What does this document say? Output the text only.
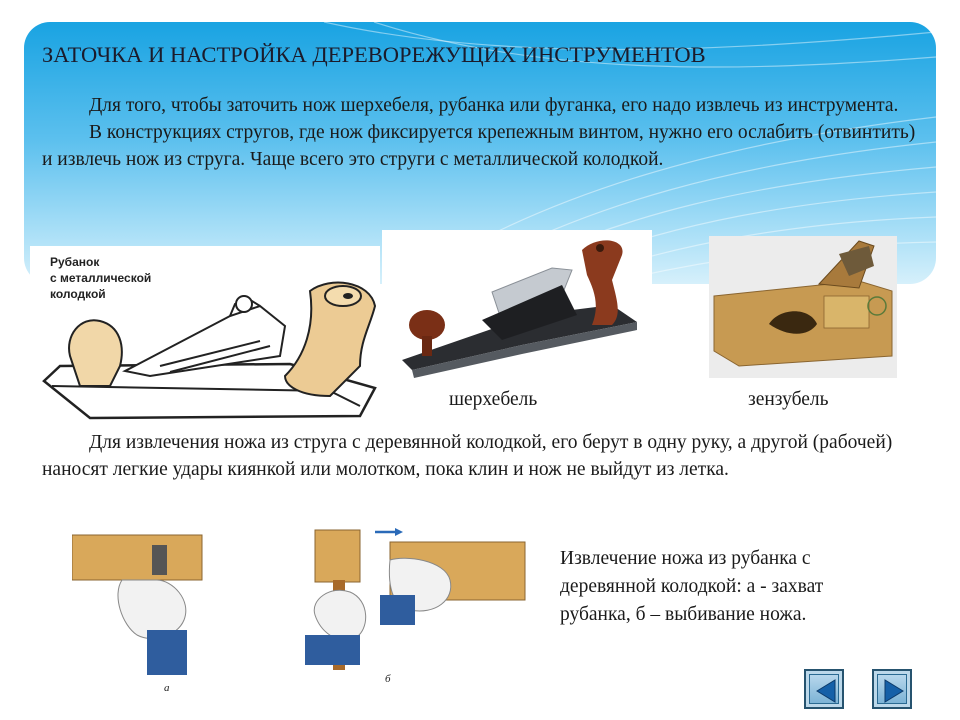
ЗАТОЧКА И НАСТРОЙКА ДЕРЕВОРЕЖУЩИХ ИНСТРУМЕНТОВ
Для того, чтобы заточить нож шерхебеля, рубанка или фуганка, его надо извлечь из инструмента.
В конструкциях стругов, где нож фиксируется крепежным винтом, нужно его ослабить (отвинтить) и извлечь нож из струга. Чаще всего это струги с металлической колодкой.
Рубанок
с металлической
колодкой
шерхебель	зензубель
Для извлечения ножа из струга с деревянной колодкой, его берут в одну руку, а другой (рабочей) наносят легкие удары киянкой или молотком, пока клин и нож не выйдут из летка.
а
б
Извлечение ножа из рубанка с деревянной колодкой: а - захват рубанка, б – выбивание ножа.
